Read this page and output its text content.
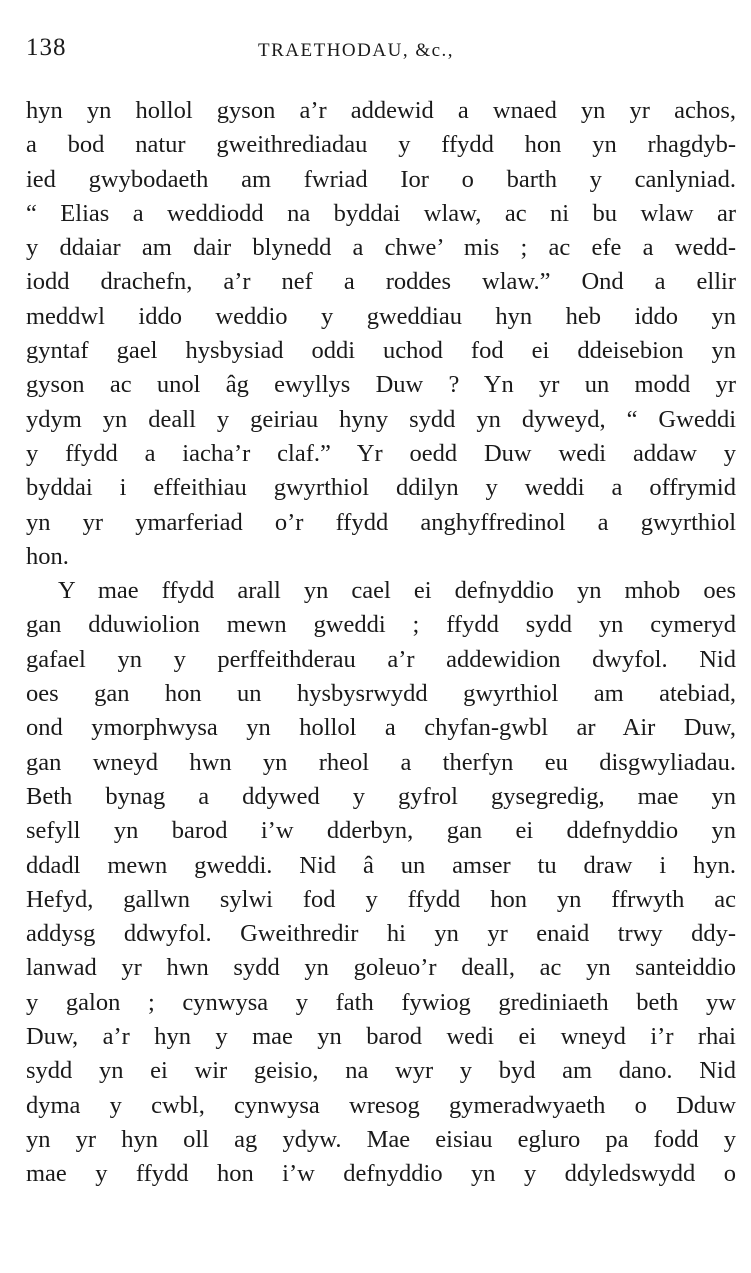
138	TRAETHODAU, &c.,
hyn yn hollol gyson a’r addewid a wnaed yn yr achos,
a bod natur gweithrediadau y ffydd hon yn rhagdyb-
ied gwybodaeth am fwriad Ior o barth y canlyniad.
“ Elias a weddiodd na byddai wlaw, ac ni bu wlaw ar
y ddaiar am dair blynedd a chwe’ mis ; ac efe a wedd-
iodd drachefn, a’r nef a roddes wlaw.” Ond a ellir
meddwl iddo weddio y gweddiau hyn heb iddo yn
gyntaf gael hysbysiad oddi uchod fod ei ddeisebion yn
gyson ac unol âg ewyllys Duw ? Yn yr un modd yr
ydym yn deall y geiriau hyny sydd yn dyweyd, “ Gweddi
y ffydd a iacha’r claf.” Yr oedd Duw wedi addaw y
byddai i effeithiau gwyrthiol ddilyn y weddi a offrymid
yn yr ymarferiad o’r ffydd anghyffredinol a gwyrthiol
hon.
Y mae ffydd arall yn cael ei defnyddio yn mhob oes
gan dduwiolion mewn gweddi ; ffydd sydd yn cymeryd
gafael yn y perffeithderau a’r addewidion dwyfol. Nid
oes gan hon un hysbysrwydd gwyrthiol am atebiad,
ond ymorphwysa yn hollol a chyfan-gwbl ar Air Duw,
gan wneyd hwn yn rheol a therfyn eu disgwyliadau.
Beth bynag a ddywed y gyfrol gysegredig, mae yn
sefyll yn barod i’w dderbyn, gan ei ddefnyddio yn
ddadl mewn gweddi. Nid â un amser tu draw i hyn.
Hefyd, gallwn sylwi fod y ffydd hon yn ffrwyth ac
addysg ddwyfol. Gweithredir hi yn yr enaid trwy ddy-
lanwad yr hwn sydd yn goleuo’r deall, ac yn santeiddio
y galon ; cynwysa y fath fywiog grediniaeth beth yw
Duw, a’r hyn y mae yn barod wedi ei wneyd i’r rhai
sydd yn ei wir geisio, na wyr y byd am dano. Nid
dyma y cwbl, cynwysa wresog gymeradwyaeth o Dduw
yn yr hyn oll ag ydyw. Mae eisiau egluro pa fodd y
mae y ffydd hon i’w defnyddio yn y ddyledswydd o
